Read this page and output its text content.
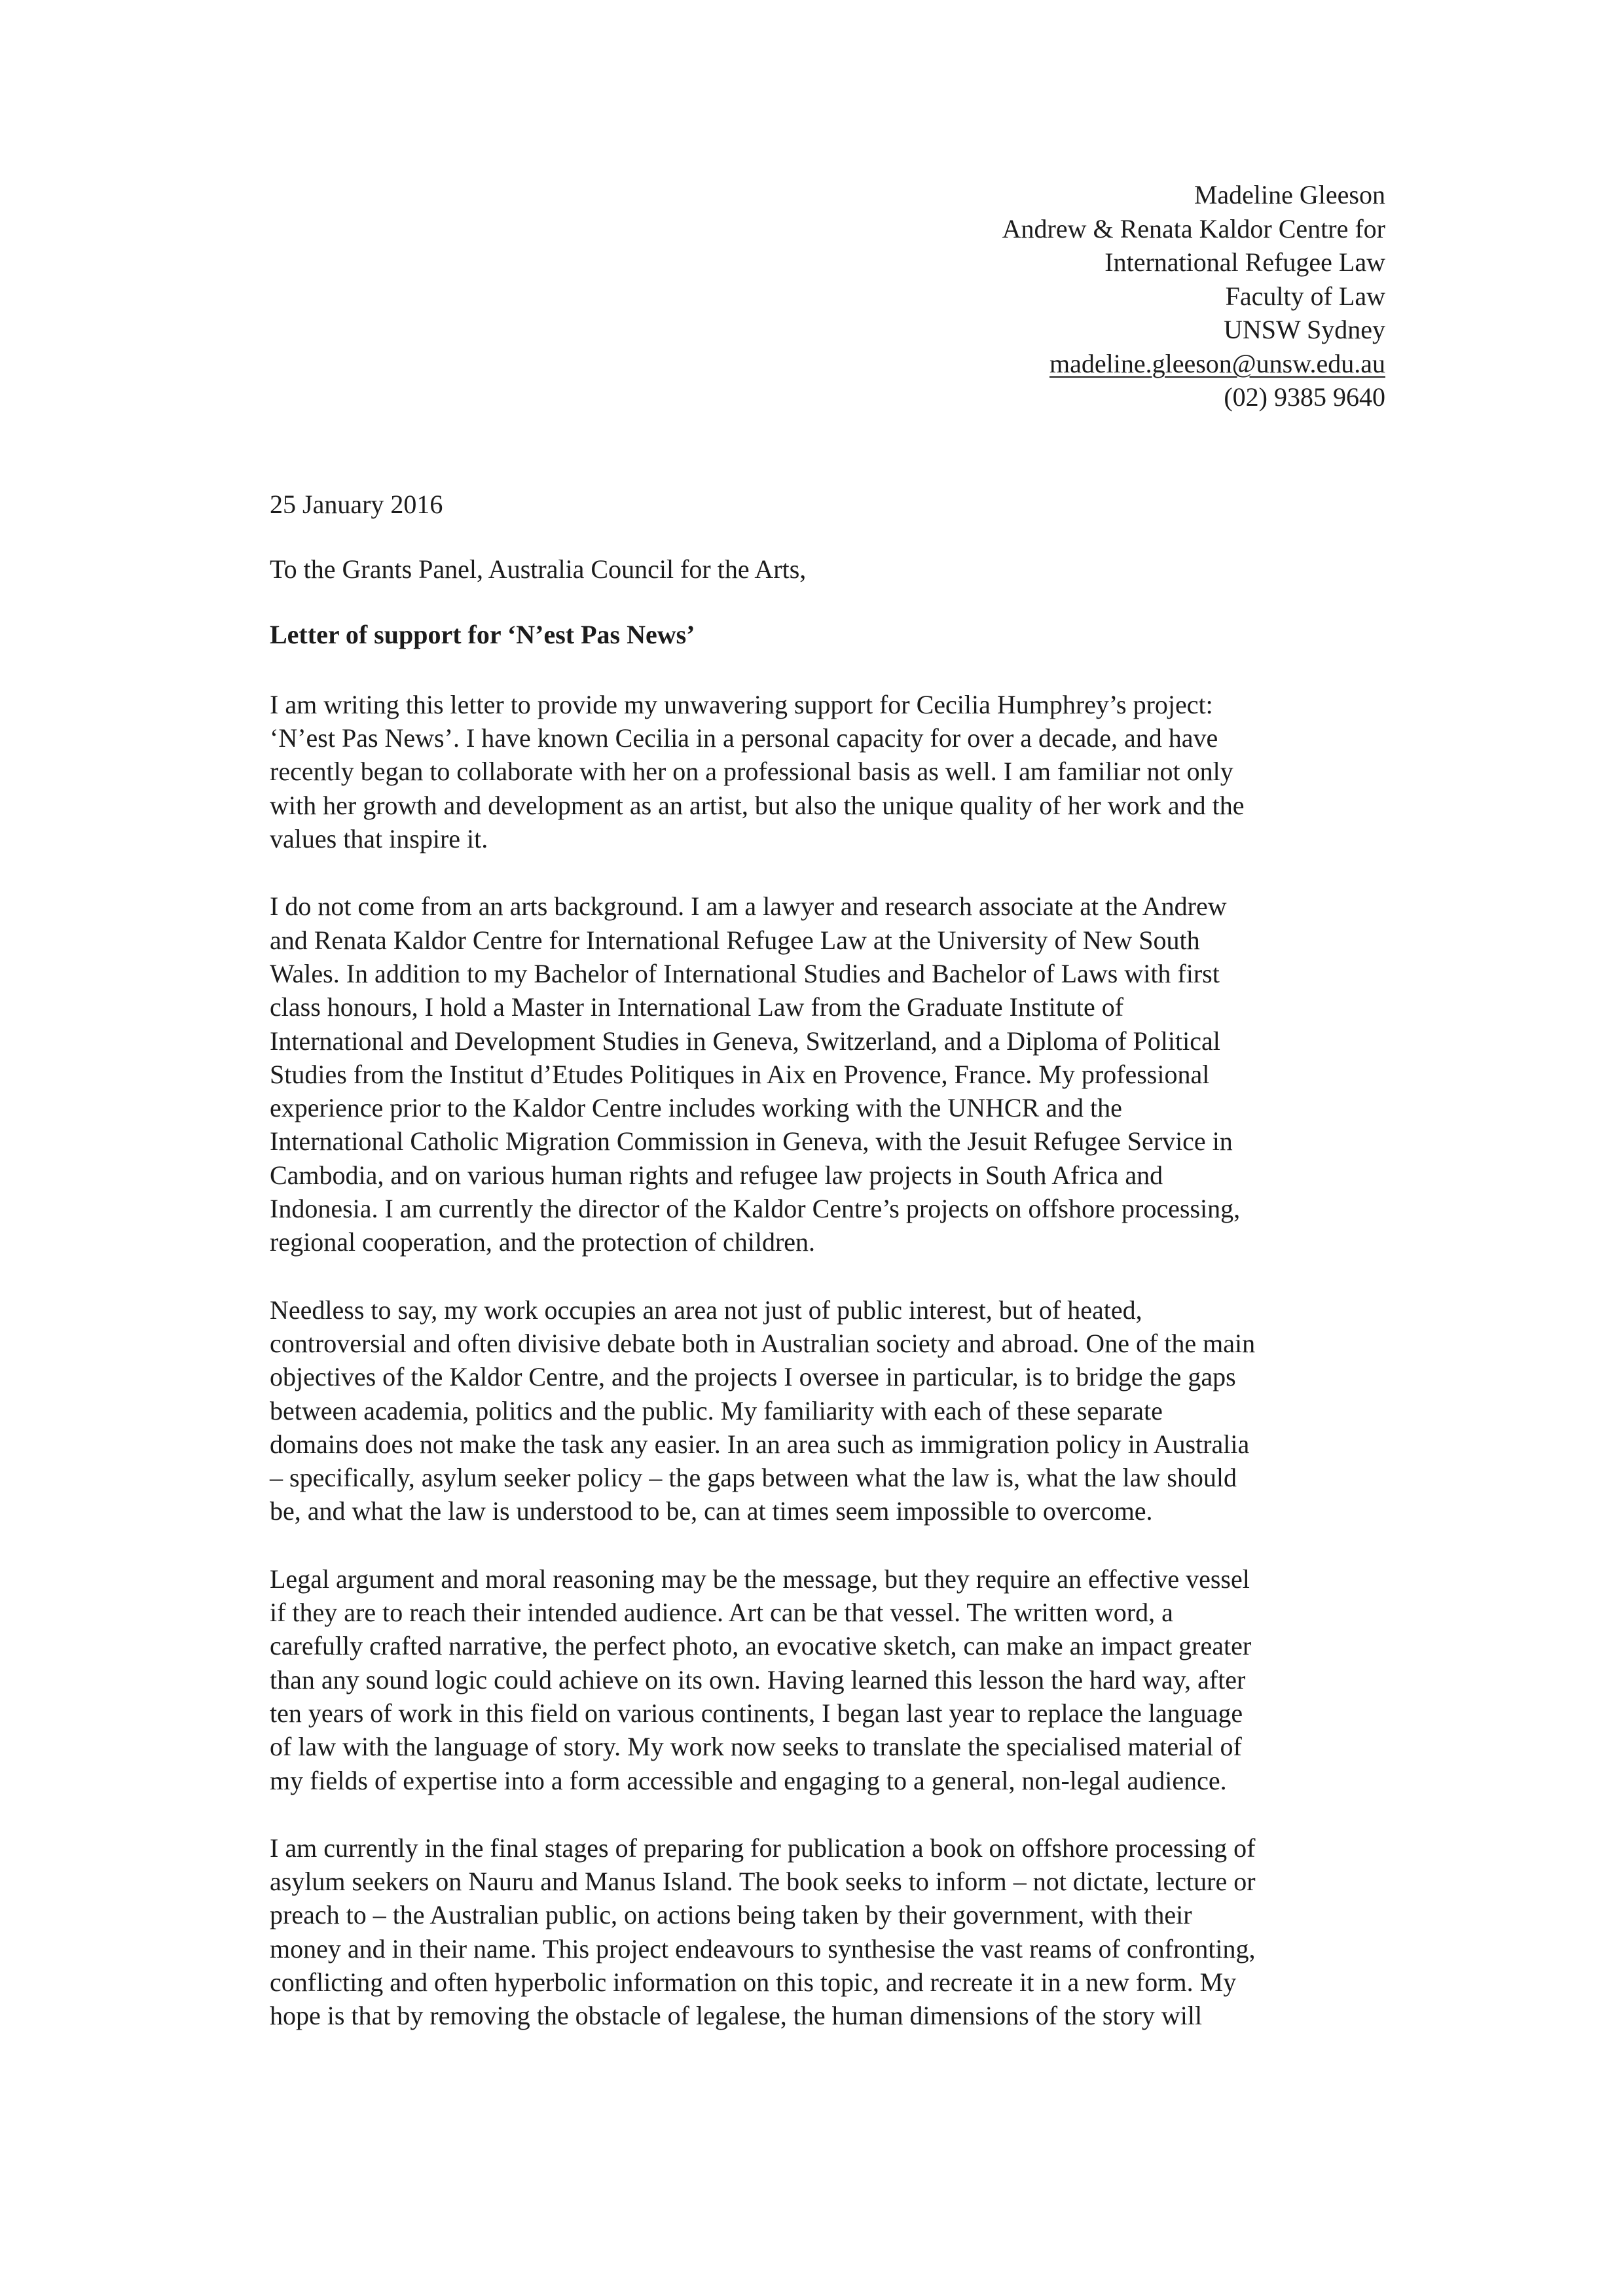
Madeline Gleeson
Andrew & Renata Kaldor Centre for
International Refugee Law
Faculty of Law
UNSW Sydney
madeline.gleeson@unsw.edu.au
(02) 9385 9640
25 January 2016
To the Grants Panel, Australia Council for the Arts,
Letter of support for ‘N’est Pas News’
I am writing this letter to provide my unwavering support for Cecilia Humphrey’s project:
‘N’est Pas News’. I have known Cecilia in a personal capacity for over a decade, and have
recently began to collaborate with her on a professional basis as well. I am familiar not only
with her growth and development as an artist, but also the unique quality of her work and the
values that inspire it.
I do not come from an arts background. I am a lawyer and research associate at the Andrew
and Renata Kaldor Centre for International Refugee Law at the University of New South
Wales. In addition to my Bachelor of International Studies and Bachelor of Laws with first
class honours, I hold a Master in International Law from the Graduate Institute of
International and Development Studies in Geneva, Switzerland, and a Diploma of Political
Studies from the Institut d’Etudes Politiques in Aix en Provence, France. My professional
experience prior to the Kaldor Centre includes working with the UNHCR and the
International Catholic Migration Commission in Geneva, with the Jesuit Refugee Service in
Cambodia, and on various human rights and refugee law projects in South Africa and
Indonesia. I am currently the director of the Kaldor Centre’s projects on offshore processing,
regional cooperation, and the protection of children.
Needless to say, my work occupies an area not just of public interest, but of heated,
controversial and often divisive debate both in Australian society and abroad. One of the main
objectives of the Kaldor Centre, and the projects I oversee in particular, is to bridge the gaps
between academia, politics and the public. My familiarity with each of these separate
domains does not make the task any easier. In an area such as immigration policy in Australia
– specifically, asylum seeker policy – the gaps between what the law is, what the law should
be, and what the law is understood to be, can at times seem impossible to overcome.
Legal argument and moral reasoning may be the message, but they require an effective vessel
if they are to reach their intended audience. Art can be that vessel. The written word, a
carefully crafted narrative, the perfect photo, an evocative sketch, can make an impact greater
than any sound logic could achieve on its own. Having learned this lesson the hard way, after
ten years of work in this field on various continents, I began last year to replace the language
of law with the language of story. My work now seeks to translate the specialised material of
my fields of expertise into a form accessible and engaging to a general, non-legal audience.
I am currently in the final stages of preparing for publication a book on offshore processing of
asylum seekers on Nauru and Manus Island. The book seeks to inform – not dictate, lecture or
preach to – the Australian public, on actions being taken by their government, with their
money and in their name. This project endeavours to synthesise the vast reams of confronting,
conflicting and often hyperbolic information on this topic, and recreate it in a new form. My
hope is that by removing the obstacle of legalese, the human dimensions of the story will
